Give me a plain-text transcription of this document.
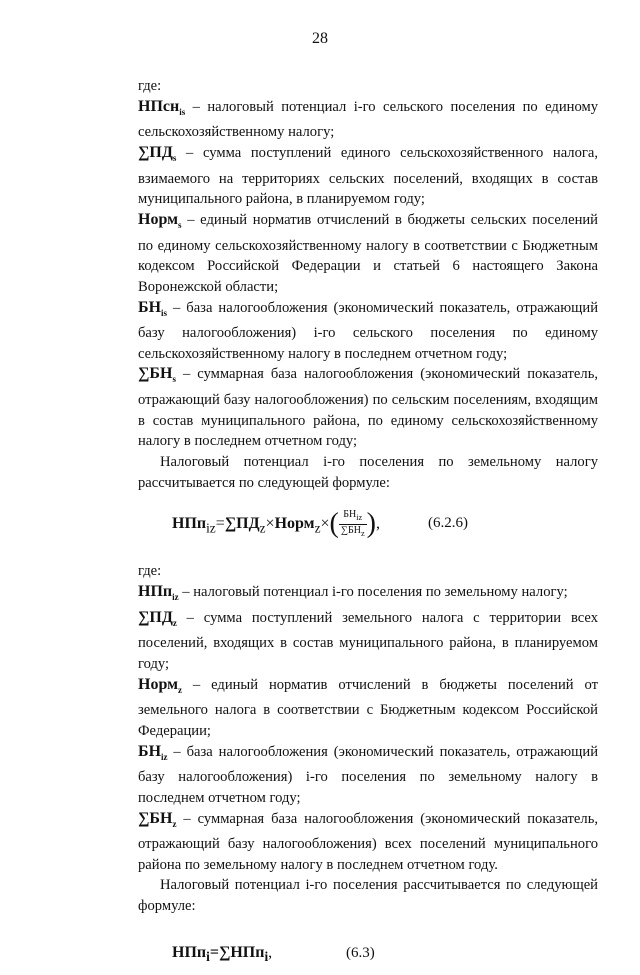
28

где:

НПсн$_{is}$ – налоговый потенциал i-го сельского поселения по единому сельскохозяйственному налогу;

$\sum ПД_s$ – сумма поступлений единого сельскохозяйственного налога, взимаемого на территориях сельских поселений, входящих в состав муниципального района, в планируемом году;

Норм$_s$ – единый норматив отчислений в бюджеты сельских поселений по единому сельскохозяйственному налогу в соответствии с Бюджетным кодексом Российской Федерации и статьей 6 настоящего Закона Воронежской области;

$БН_{is}$ – база налогообложения (экономический показатель, отражающий базу налогообложения) i-го сельского поселения по единому сельскохозяйственному налогу в последнем отчетном году;

$\sum БН_s$ – суммарная база налогообложения (экономический показатель, отражающий базу налогообложения) по сельским поселениям, входящим в состав муниципального района, по единому сельскохозяйственному налогу в последнем отчетном году;

Налоговый потенциал i-го поселения по земельному налогу рассчитывается по следующей формуле:

$НПп_{iz}=\sum ПД_z\times Норм_z\times( \frac{БН_{iz}}{\sum БН_z}$ ),	(6.2.6)

где:

НПп$_{iz}$ – налоговый потенциал i-го поселения по земельному налогу;

$\sum ПД_z$ – сумма поступлений земельного налога с территории всех поселений, входящих в состав муниципального района, в планируемом году;

Норм$_z$ – единый норматив отчислений в бюджеты поселений от земельного налога в соответствии с Бюджетным кодексом Российской Федерации;

$БН_{iz}$ – база налогообложения (экономический показатель, отражающий базу налогообложения) i-го поселения по земельному налогу в последнем отчетном году;

$\sum БН_z$ – суммарная база налогообложения (экономический показатель, отражающий базу налогообложения) всех поселений муниципального района по земельному налогу в последнем отчетном году.

Налоговый потенциал i-го поселения рассчитывается по следующей формуле:

НПп$_i$=∑НПп$_i$,	(6.3)
